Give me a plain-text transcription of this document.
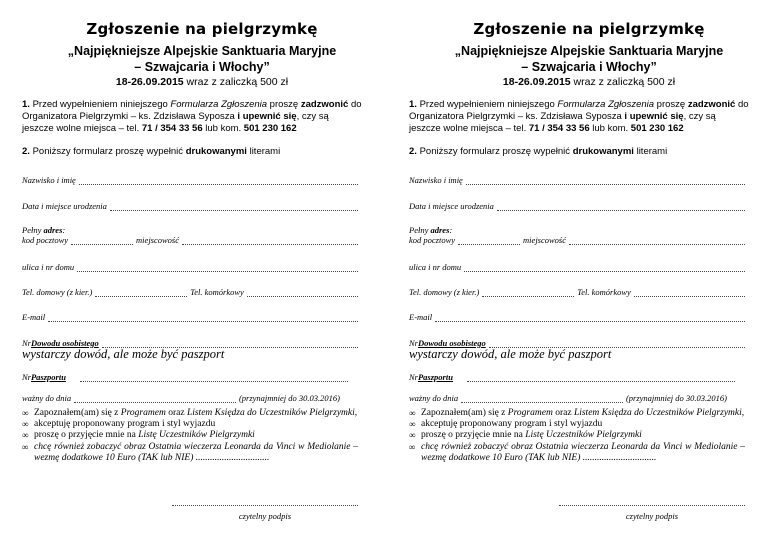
Zgłoszenie na pielgrzymkę
„Najpiękniejsze Alpejskie Sanktuaria Maryjne
– Szwajcaria i Włochy”
18-26.09.2015 wraz z zaliczką 500 zł
1. Przed wypełnieniem niniejszego Formularza Zgłoszenia proszę zadzwonić do Organizatora Pielgrzymki – ks. Zdzisława Syposza i upewnić się, czy są jeszcze wolne miejsca – tel. 71 / 354 33 56 lub kom. 501 230 162
2. Poniższy formularz proszę wypełnić drukowanymi literami
Nazwisko i imię
Data i miejsce urodzenia
Pełny adres:
kod pocztowy	miejscowość
ulica i nr domu
Tel. domowy (z kier.)	Tel. komórkowy
E-mail
Nr Dowodu osobistego
wystarczy dowód, ale może być paszport
Nr Paszportu
ważny do dnia	(przynajmniej do 30.03.2016)
∞ Zapoznałem(am) się z Programem oraz Listem Księdza do Uczestników Pielgrzymki,
∞ akceptuję proponowany program i styl wyjazdu
∞ proszę o przyjęcie mnie na Listę Uczestników Pielgrzymki
∞ chcę również zobaczyć obraz Ostatnia wieczerza Leonarda da Vinci w Mediolanie – wezmę dodatkowe 10 Euro (TAK lub NIE) ...............................
czytelny podpis
Zgłoszenie na pielgrzymkę
„Najpiękniejsze Alpejskie Sanktuaria Maryjne
– Szwajcaria i Włochy”
18-26.09.2015 wraz z zaliczką 500 zł
1. Przed wypełnieniem niniejszego Formularza Zgłoszenia proszę zadzwonić do Organizatora Pielgrzymki – ks. Zdzisława Syposza i upewnić się, czy są jeszcze wolne miejsca – tel. 71 / 354 33 56 lub kom. 501 230 162
2. Poniższy formularz proszę wypełnić drukowanymi literami
Nazwisko i imię
Data i miejsce urodzenia
Pełny adres:
kod pocztowy	miejscowość
ulica i nr domu
Tel. domowy (z kier.)	Tel. komórkowy
E-mail
Nr Dowodu osobistego
wystarczy dowód, ale może być paszport
Nr Paszportu
ważny do dnia	(przynajmniej do 30.03.2016)
∞ Zapoznałem(am) się z Programem oraz Listem Księdza do Uczestników Pielgrzymki,
∞ akceptuję proponowany program i styl wyjazdu
∞ proszę o przyjęcie mnie na Listę Uczestników Pielgrzymki
∞ chcę również zobaczyć obraz Ostatnia wieczerza Leonarda da Vinci w Mediolanie – wezmę dodatkowe 10 Euro (TAK lub NIE) ...............................
czytelny podpis
